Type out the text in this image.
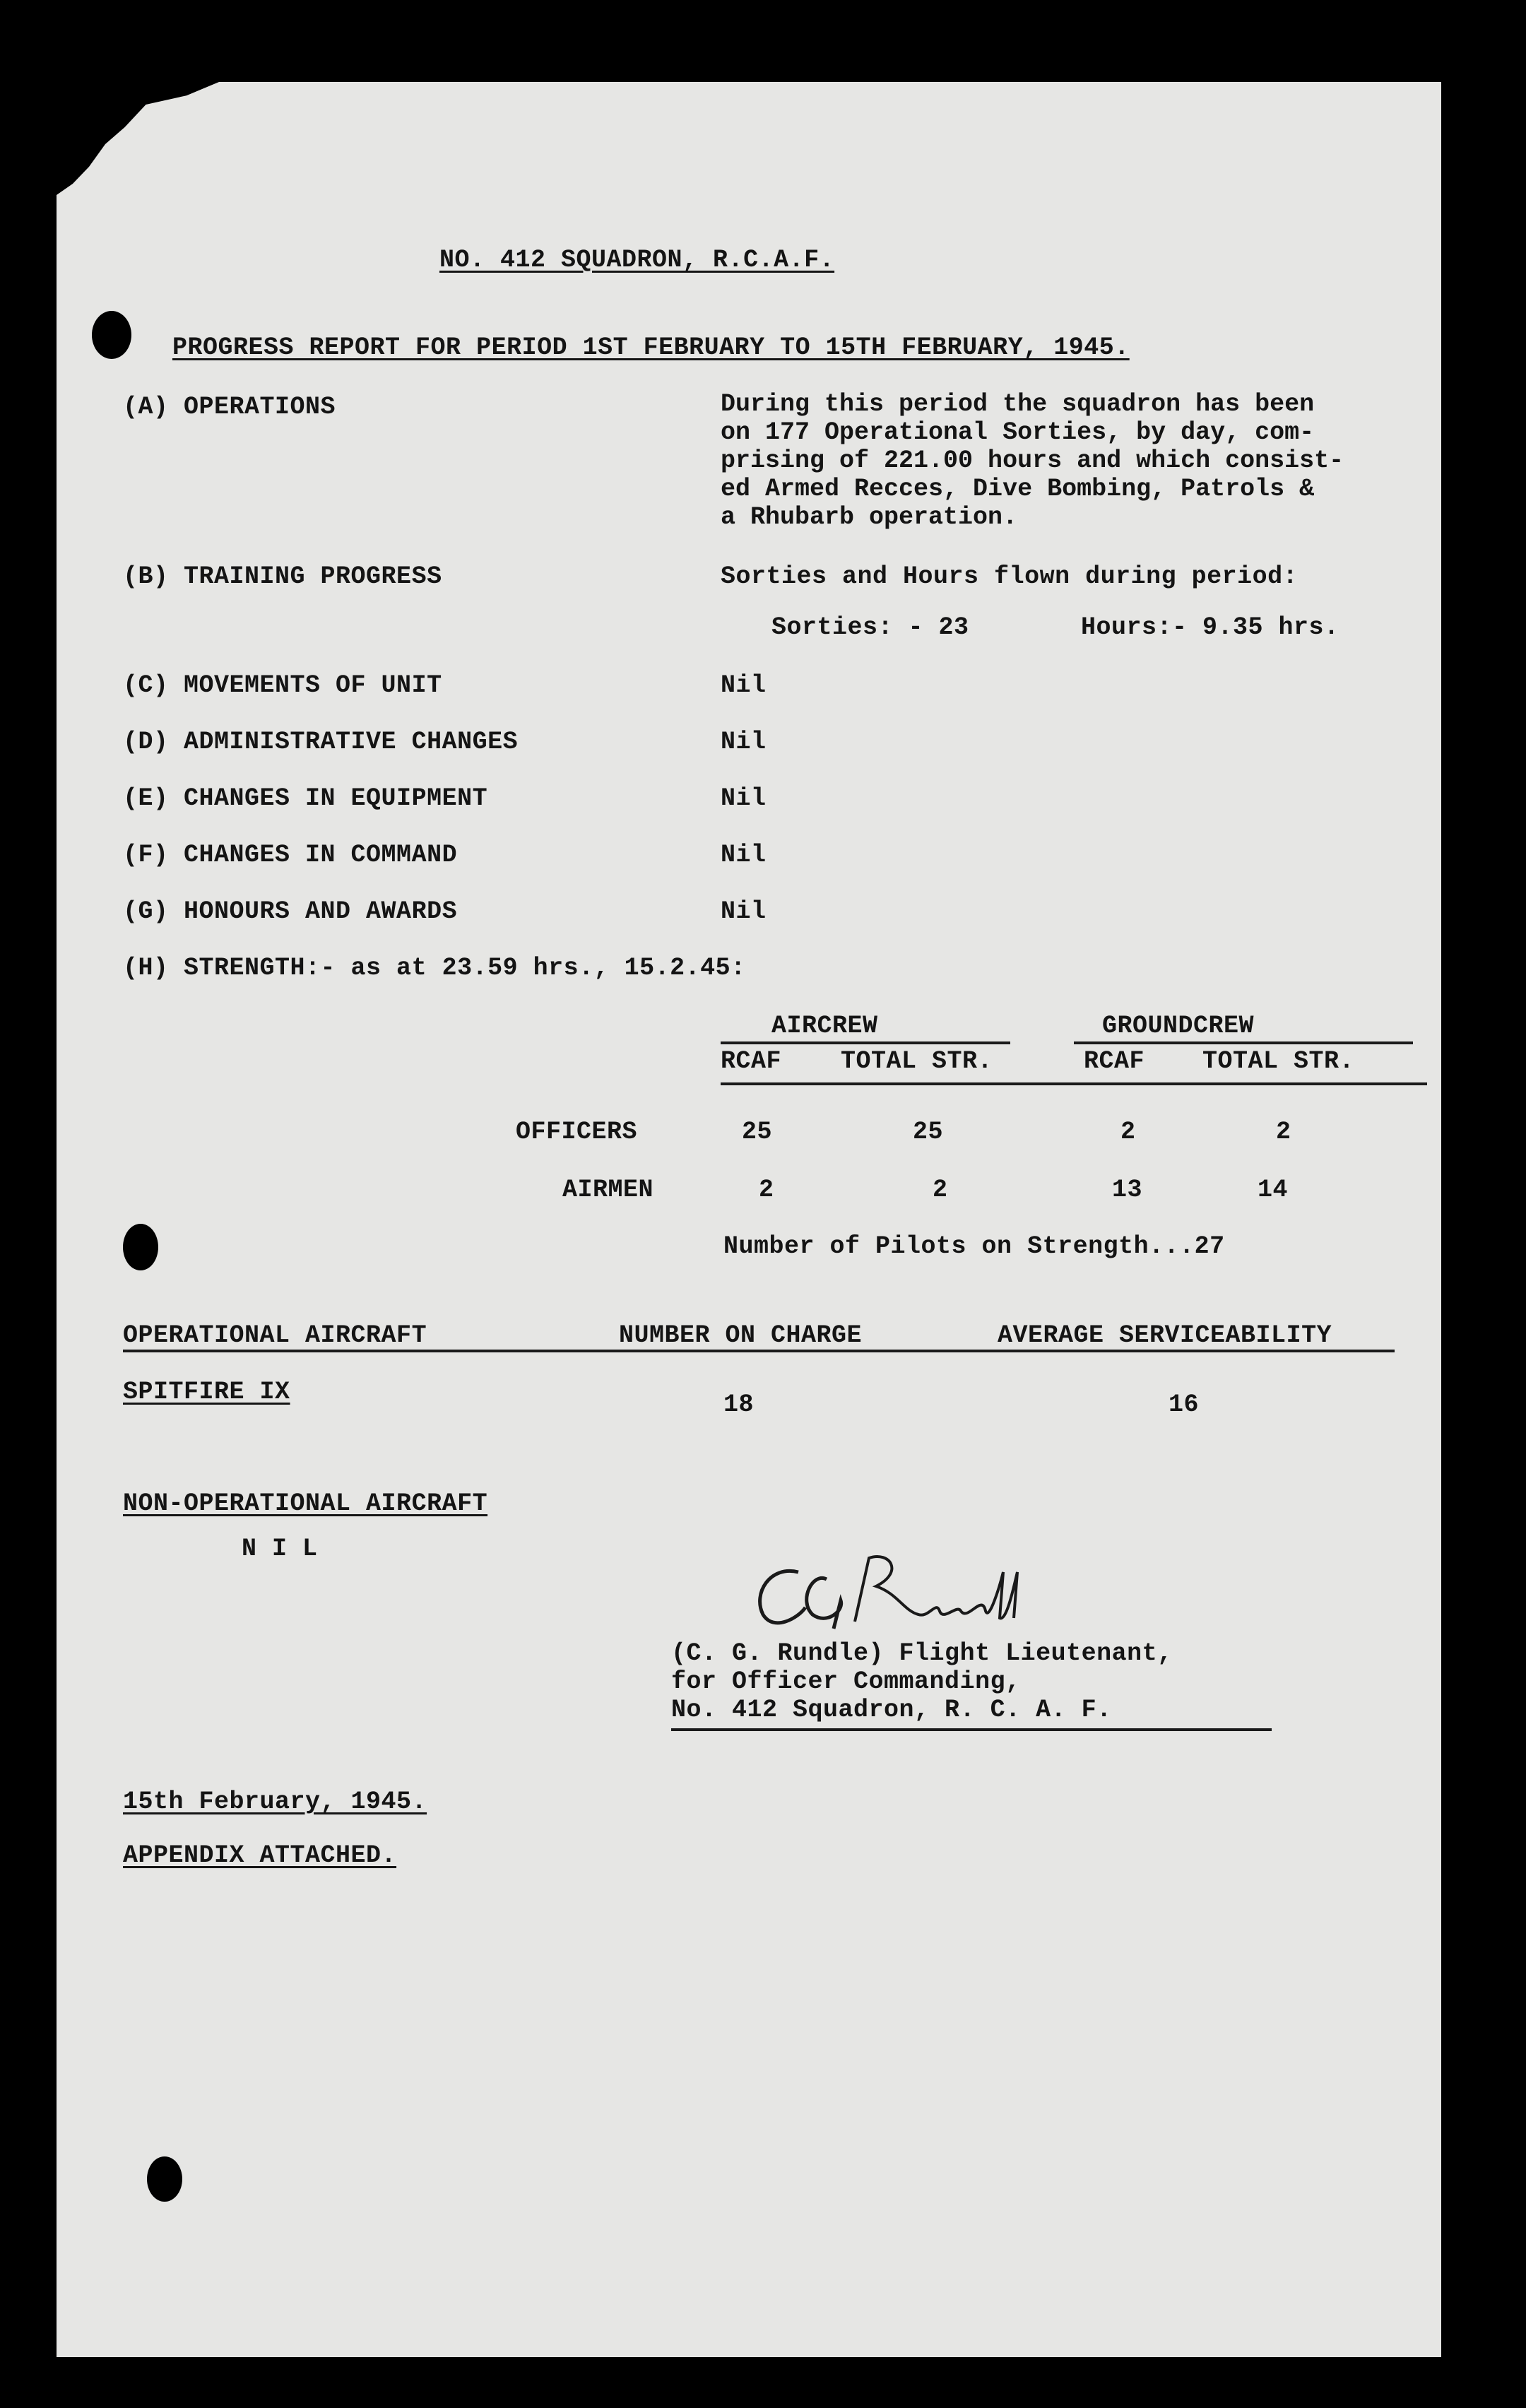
NO. 412 SQUADRON, R.C.A.F.
PROGRESS REPORT FOR PERIOD 1ST FEBRUARY TO 15TH FEBRUARY, 1945.
(A) OPERATIONS	During this period the squadron has been
on 177 Operational Sorties, by day, com-
prising of 221.00 hours and which consist-
ed Armed Recces, Dive Bombing, Patrols &
a Rhubarb operation.
(B) TRAINING PROGRESS	Sorties and Hours flown during period:
Sorties: - 23	Hours:- 9.35 hrs.
(C) MOVEMENTS OF UNIT	Nil
(D) ADMINISTRATIVE CHANGES	Nil
(E) CHANGES IN EQUIPMENT	Nil
(F) CHANGES IN COMMAND	Nil
(G) HONOURS AND AWARDS	Nil
(H) STRENGTH:- as at 23.59 hrs., 15.2.45:
AIRCREW	GROUNDCREW
RCAF TOTAL STR.	RCAF TOTAL STR.
OFFICERS	25	25	2	2
AIRMEN	2	2	13	14
Number of Pilots on Strength...27
OPERATIONAL AIRCRAFT	NUMBER ON CHARGE	AVERAGE SERVICEABILITY
SPITFIRE IX	18	16
NON-OPERATIONAL AIRCRAFT
N I L
(C. G. Rundle) Flight Lieutenant,
for Officer Commanding,
No. 412 Squadron, R. C. A. F.
15th February, 1945.
APPENDIX ATTACHED.
